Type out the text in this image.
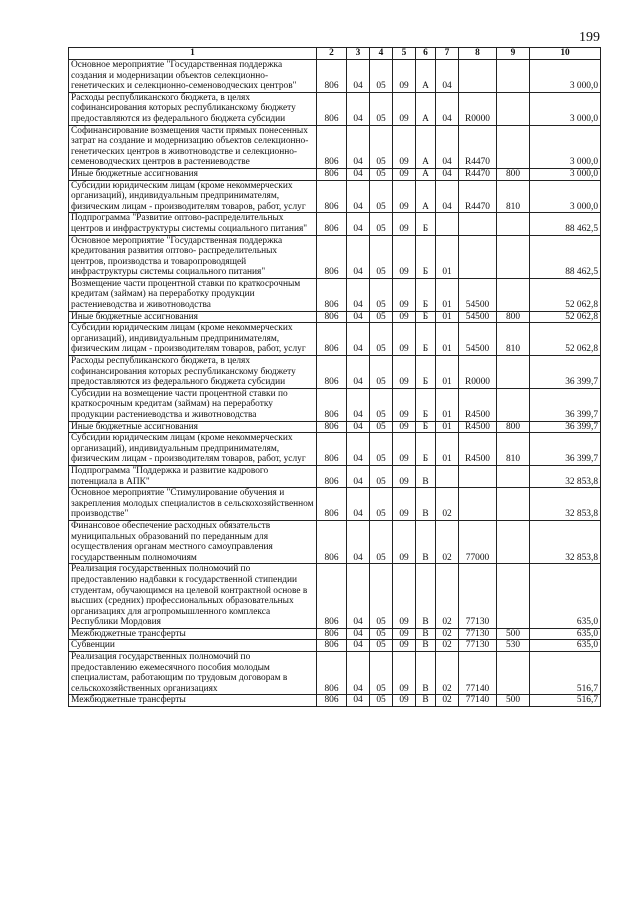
199
1	2	3	4	5	6	7	8	9	10
Основное мероприятие "Государственная поддержка создания и модернизации объектов селекционно-генетических и селекционно-семеноводческих центров"	806	04	05	09	А	04			3 000,0
Расходы республиканского бюджета, в целях софинансирования которых республиканскому бюджету предоставляются из федерального бюджета субсидии	806	04	05	09	А	04	R0000		3 000,0
Софинансирование возмещения части прямых понесенных затрат на создание и модернизацию объектов селекционно-генетических центров в животноводстве и селекционно-семеноводческих центров в растениеводстве	806	04	05	09	А	04	R4470		3 000,0
Иные бюджетные ассигнования	806	04	05	09	А	04	R4470	800	3 000,0
Субсидии юридическим лицам (кроме некоммерческих организаций), индивидуальным предпринимателям, физическим лицам - производителям товаров, работ, услуг	806	04	05	09	А	04	R4470	810	3 000,0
Подпрограмма "Развитие оптово-распределительных центров и инфраструктуры системы социального питания"	806	04	05	09	Б				88 462,5
Основное мероприятие "Государственная поддержка кредитования развития оптово- распределительных центров, производства и товаропроводящей инфраструктуры системы социального питания"	806	04	05	09	Б	01			88 462,5
Возмещение части процентной ставки по краткосрочным кредитам (займам) на переработку продукции растениеводства и животноводства	806	04	05	09	Б	01	54500		52 062,8
Иные бюджетные ассигнования	806	04	05	09	Б	01	54500	800	52 062,8
Субсидии юридическим лицам (кроме некоммерческих организаций), индивидуальным предпринимателям, физическим лицам - производителям товаров, работ, услуг	806	04	05	09	Б	01	54500	810	52 062,8
Расходы республиканского бюджета, в целях софинансирования которых республиканскому бюджету предоставляются из федерального бюджета субсидии	806	04	05	09	Б	01	R0000		36 399,7
Субсидии на возмещение части процентной ставки по краткосрочным кредитам (займам) на переработку продукции растениеводства и животноводства	806	04	05	09	Б	01	R4500		36 399,7
Иные бюджетные ассигнования	806	04	05	09	Б	01	R4500	800	36 399,7
Субсидии юридическим лицам (кроме некоммерческих организаций), индивидуальным предпринимателям, физическим лицам - производителям товаров, работ, услуг	806	04	05	09	Б	01	R4500	810	36 399,7
Подпрограмма "Поддержка и развитие кадрового потенциала в АПК"	806	04	05	09	В				32 853,8
Основное мероприятие "Стимулирование обучения и закрепления молодых специалистов в сельскохозяйственном производстве"	806	04	05	09	В	02			32 853,8
Финансовое обеспечение расходных обязательств муниципальных образований по переданным для осуществления органам местного самоуправления государственным полномочиям	806	04	05	09	В	02	77000		32 853,8
Реализация государственных полномочий по предоставлению надбавки к государственной стипендии студентам, обучающимся на целевой контрактной основе в высших (средних) профессиональных образовательных организациях для агропромышленного комплекса Республики Мордовия	806	04	05	09	В	02	77130		635,0
Межбюджетные трансферты	806	04	05	09	В	02	77130	500	635,0
Субвенции	806	04	05	09	В	02	77130	530	635,0
Реализация государственных полномочий по предоставлению ежемесячного пособия молодым специалистам, работающим по трудовым договорам в сельскохозяйственных организациях	806	04	05	09	В	02	77140		516,7
Межбюджетные трансферты	806	04	05	09	В	02	77140	500	516,7
